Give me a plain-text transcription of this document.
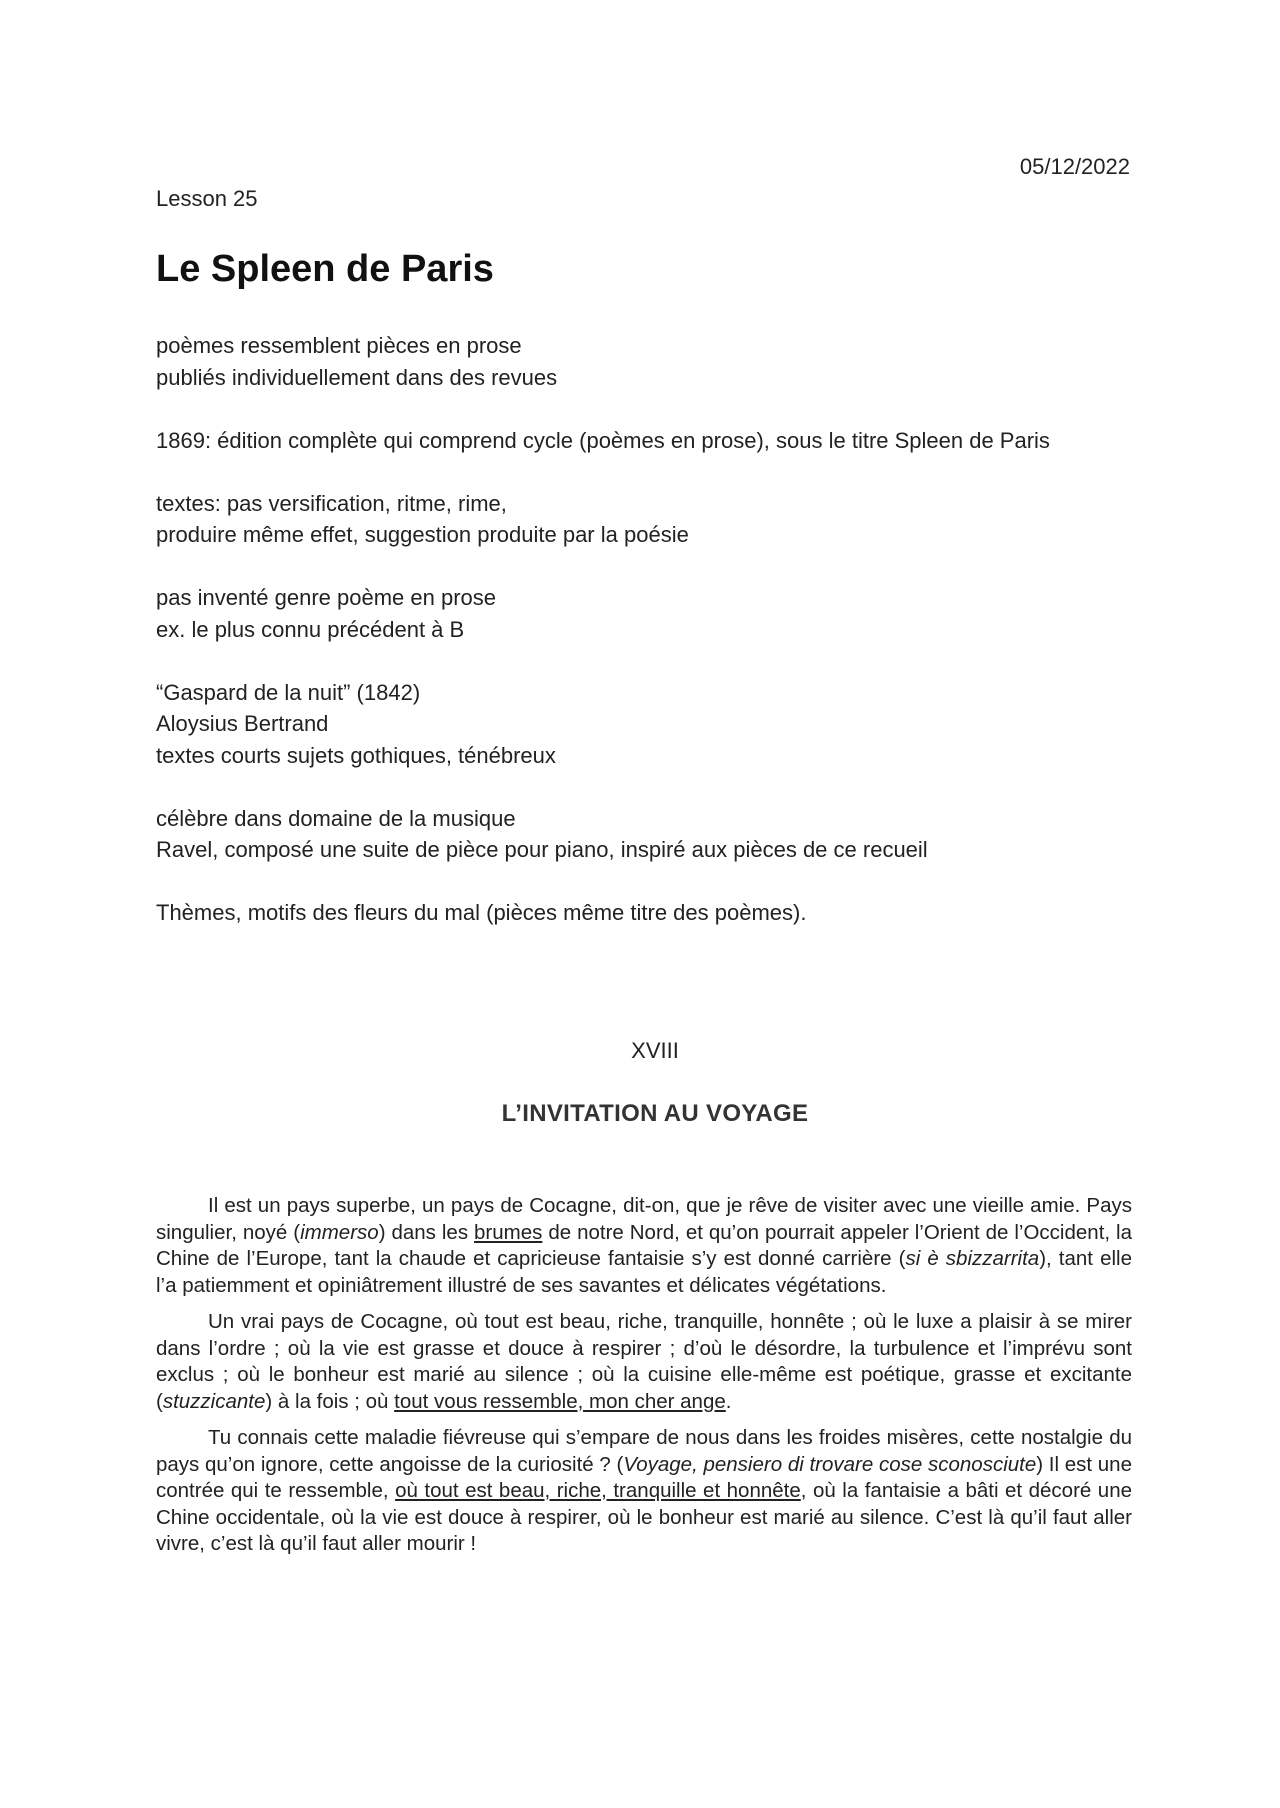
05/12/2022
Lesson 25
Le Spleen de Paris
poèmes ressemblent pièces en prose
publiés individuellement dans des revues
1869: édition complète qui comprend cycle (poèmes en prose), sous le titre Spleen de Paris
textes: pas versification, ritme, rime,
produire même effet, suggestion produite par la poésie
pas inventé genre poème en prose
ex. le plus connu précédent à B
“Gaspard de la nuit” (1842)
Aloysius Bertrand
textes courts sujets gothiques, ténébreux
célèbre dans domaine de la musique
Ravel, composé une suite de pièce pour piano, inspiré aux pièces de ce recueil
Thèmes, motifs des fleurs du mal (pièces même titre des poèmes).
XVIII
L’INVITATION AU VOYAGE

Il est un pays superbe, un pays de Cocagne, dit-on, que je rêve de visiter avec une vieille amie. Pays singulier, noyé (immerso) dans les brumes de notre Nord, et qu’on pourrait appeler l’Orient de l’Occident, la Chine de l’Europe, tant la chaude et capricieuse fantaisie s’y est donné carrière (si è sbizzarrita), tant elle l’a patiemment et opiniâtrement illustré de ses savantes et délicates végétations.

Un vrai pays de Cocagne, où tout est beau, riche, tranquille, honnête ; où le luxe a plaisir à se mirer dans l’ordre ; où la vie est grasse et douce à respirer ; d’où le désordre, la turbulence et l’imprévu sont exclus ; où le bonheur est marié au silence ; où la cuisine elle-même est poétique, grasse et excitante (stuzzicante) à la fois ; où tout vous ressemble, mon cher ange.

Tu connais cette maladie fiévreuse qui s’empare de nous dans les froides misères, cette nostalgie du pays qu’on ignore, cette angoisse de la curiosité ? (Voyage, pensiero di trovare cose sconosciute) Il est une contrée qui te ressemble, où tout est beau, riche, tranquille et honnête, où la fantaisie a bâti et décoré une Chine occidentale, où la vie est douce à respirer, où le bonheur est marié au silence. C’est là qu’il faut aller vivre, c’est là qu’il faut aller mourir !
